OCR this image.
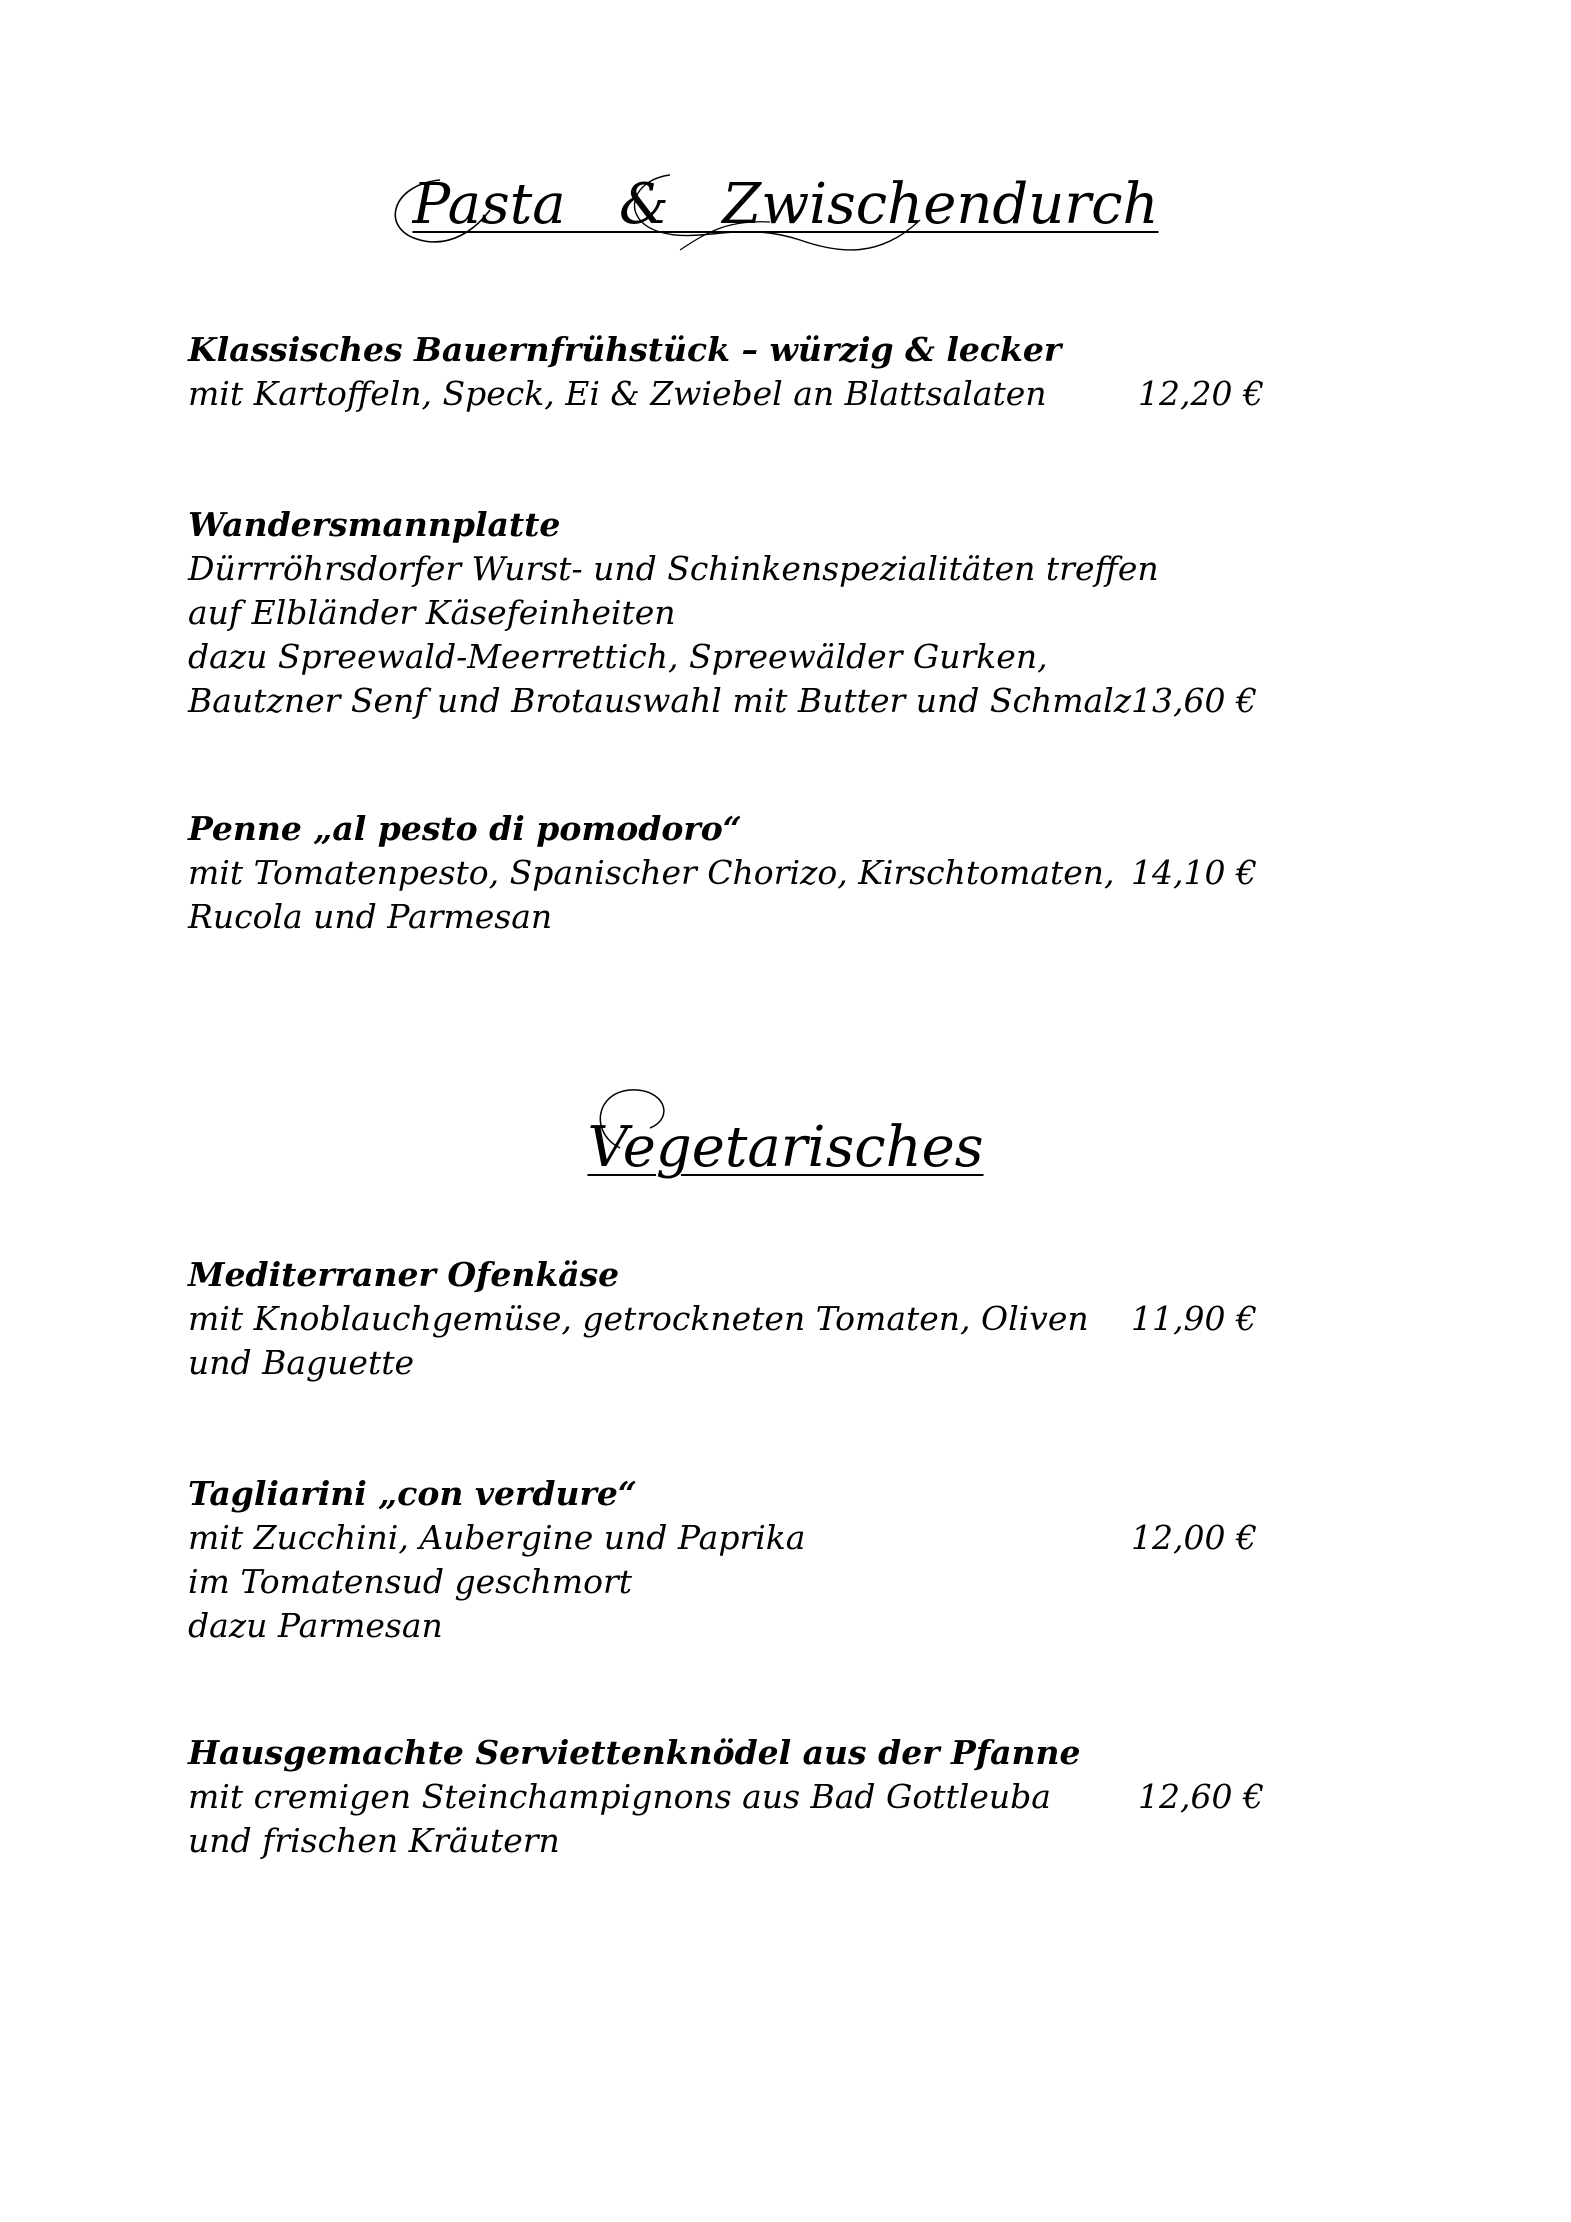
Pasta   &   Zwischendurch
Klassisches Bauernfrühstück – würzig & lecker
mit Kartoffeln, Speck, Ei & Zwiebel an Blattsalaten	12,20 €
Wandersmannplatte
Dürrröhrsdorfer Wurst- und Schinkenspezialitäten treffen
auf Elbländer Käsefeinheiten
dazu Spreewald-Meerrettich, Spreewälder Gurken,
Bautzner Senf und Brotauswahl mit Butter und Schmalz 13,60 €
Penne „al pesto di pomodoro“
mit Tomatenpesto, Spanischer Chorizo, Kirschtomaten, 14,10 €
Rucola und Parmesan
Vegetarisches
Mediterraner Ofenkäse
mit Knoblauchgemüse, getrockneten Tomaten, Oliven 11,90 €
und Baguette
Tagliarini „con verdure“
mit Zucchini, Aubergine und Paprika	12,00 €
im Tomatensud geschmort
dazu Parmesan
Hausgemachte Serviettenknödel aus der Pfanne
mit cremigen Steinchampignons aus Bad Gottleuba	12,60 €
und frischen Kräutern
